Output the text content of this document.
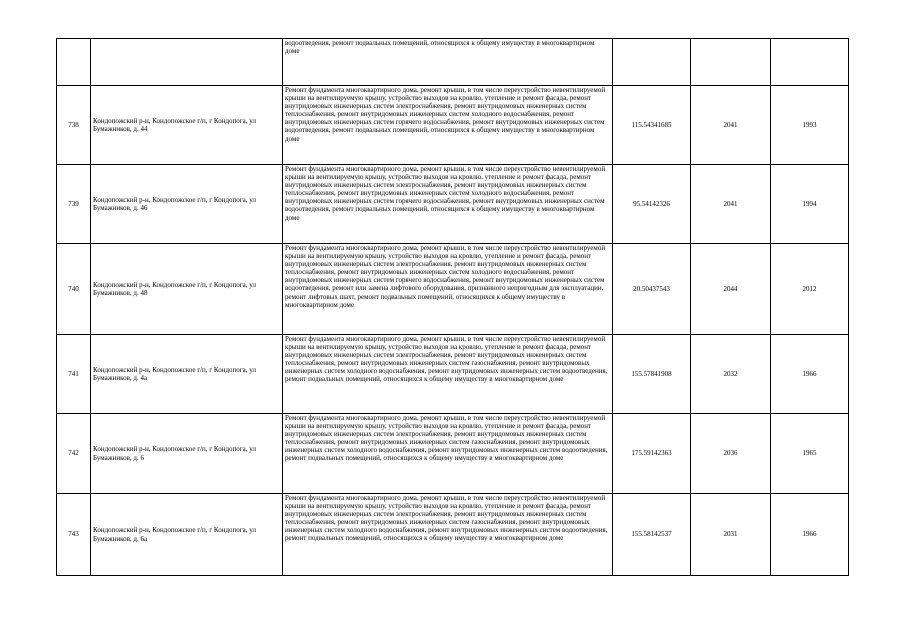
		водоотведения, ремонт подвальных помещений, относящихся к общему имуществу в многоквартирном доме			
738	Кондопожский р-н, Кондопожское г/п, г Кондопога, ул Бумажников, д. 44	Ремонт фундамента многоквартирного дома, ремонт крыши, в том числе переустройство невентилируемой крыши на вентилируемую крышу, устройство выходов на кровлю, утепление и ремонт фасада, ремонт внутридомовых инженерных систем электроснабжения, ремонт внутридомовых инженерных систем теплоснабжения, ремонт внутридомовых инженерных систем холодного водоснабжения, ремонт внутридомовых инженерных систем горячего водоснабжения, ремонт внутридомовых инженерных систем водоотведения, ремонт подвальных помещений, относящихся к общему имуществу в многоквартирном доме	115.54341685	2041	1993
739	Кондопожский р-н, Кондопожское г/п, г Кондопога, ул Бумажников, д. 46	Ремонт фундамента многоквартирного дома, ремонт крыши, в том числе переустройство невентилируемой крыши на вентилируемую крышу, устройство выходов на кровлю, утепление и ремонт фасада, ремонт внутридомовых инженерных систем электроснабжения, ремонт внутридомовых инженерных систем теплоснабжения, ремонт внутридомовых инженерных систем холодного водоснабжения, ремонт внутридомовых инженерных систем горячего водоснабжения, ремонт внутридомовых инженерных систем водоотведения, ремонт подвальных помещений, относящихся к общему имуществу в многоквартирном доме	95.54142326	2041	1994
740	Кондопожский р-н, Кондопожское г/п, г Кондопога, ул Бумажников, д. 48	Ремонт фундамента многоквартирного дома, ремонт крыши, в том числе переустройство невентилируемой крыши на вентилируемую крышу, устройство выходов на кровлю, утепление и ремонт фасада, ремонт внутридомовых инженерных систем электроснабжения, ремонт внутридомовых инженерных систем теплоснабжения, ремонт внутридомовых инженерных систем холодного водоснабжения, ремонт внутридомовых инженерных систем горячего водоснабжения, ремонт внутридомовых инженерных систем водоотведения, ремонт или замена лифтового оборудования, признанного непригодным для эксплуатации, ремонт лифтовых шахт, ремонт подвальных помещений, относящихся к общему имуществу в многоквартирном доме	20.50437543	2044	2012
741	Кондопожский р-н, Кондопожское г/п, г Кондопога, ул Бумажников, д. 4а	Ремонт фундамента многоквартирного дома, ремонт крыши, в том числе переустройство невентилируемой крыши на вентилируемую крышу, устройство выходов на кровлю, утепление и ремонт фасада, ремонт внутридомовых инженерных систем электроснабжения, ремонт внутридомовых инженерных систем теплоснабжения, ремонт внутридомовых инженерных систем газоснабжения, ремонт внутридомовых инженерных систем холодного водоснабжения, ремонт внутридомовых инженерных систем водоотведения, ремонт подвальных помещений, относящихся к общему имуществу в многоквартирном доме	155.57841908	2032	1966
742	Кондопожский р-н, Кондопожское г/п, г Кондопога, ул Бумажников, д. 6	Ремонт фундамента многоквартирного дома, ремонт крыши, в том числе переустройство невентилируемой крыши на вентилируемую крышу, устройство выходов на кровлю, утепление и ремонт фасада, ремонт внутридомовых инженерных систем электроснабжения, ремонт внутридомовых инженерных систем теплоснабжения, ремонт внутридомовых инженерных систем газоснабжения, ремонт внутридомовых инженерных систем холодного водоснабжения, ремонт внутридомовых инженерных систем водоотведения, ремонт подвальных помещений, относящихся к общему имуществу в многоквартирном доме	175.59142363	2036	1965
743	Кондопожский р-н, Кондопожское г/п, г Кондопога, ул Бумажников, д. 6а	Ремонт фундамента многоквартирного дома, ремонт крыши, в том числе переустройство невентилируемой крыши на вентилируемую крышу, устройство выходов на кровлю, утепление и ремонт фасада, ремонт внутридомовых инженерных систем электроснабжения, ремонт внутридомовых инженерных систем теплоснабжения, ремонт внутридомовых инженерных систем газоснабжения, ремонт внутридомовых инженерных систем холодного водоснабжения, ремонт внутридомовых инженерных систем водоотведения, ремонт подвальных помещений, относящихся к общему имуществу в многоквартирном доме	155.58142537	2031	1966
